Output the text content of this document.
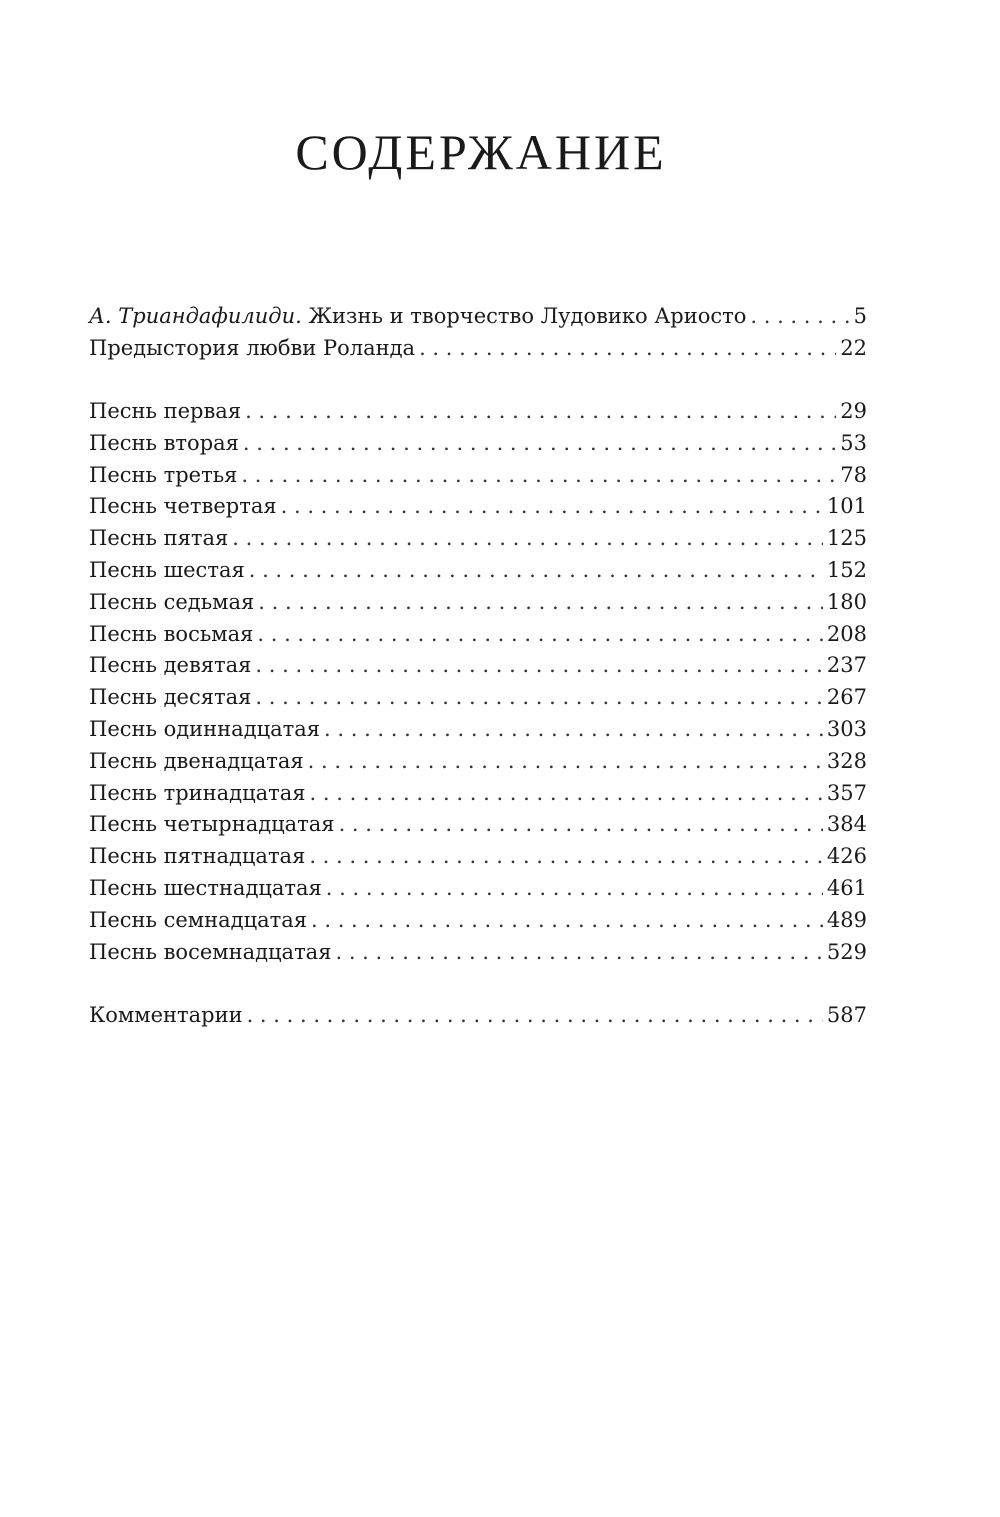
СОДЕРЖАНИЕ
А. Триандафилиди. Жизнь и творчество Лудовико Ариосто . . .	5
Предыстория любви Роланда . . .	22
Песнь первая . . .	29
Песнь вторая . . .	53
Песнь третья . . .	78
Песнь четвертая . . .	101
Песнь пятая . . .	125
Песнь шестая . . .	152
Песнь седьмая . . .	180
Песнь восьмая . . .	208
Песнь девятая . . .	237
Песнь десятая . . .	267
Песнь одиннадцатая . . .	303
Песнь двенадцатая . . .	328
Песнь тринадцатая . . .	357
Песнь четырнадцатая . . .	384
Песнь пятнадцатая . . .	426
Песнь шестнадцатая . . .	461
Песнь семнадцатая . . .	489
Песнь восемнадцатая . . .	529
Комментарии . . .	587
